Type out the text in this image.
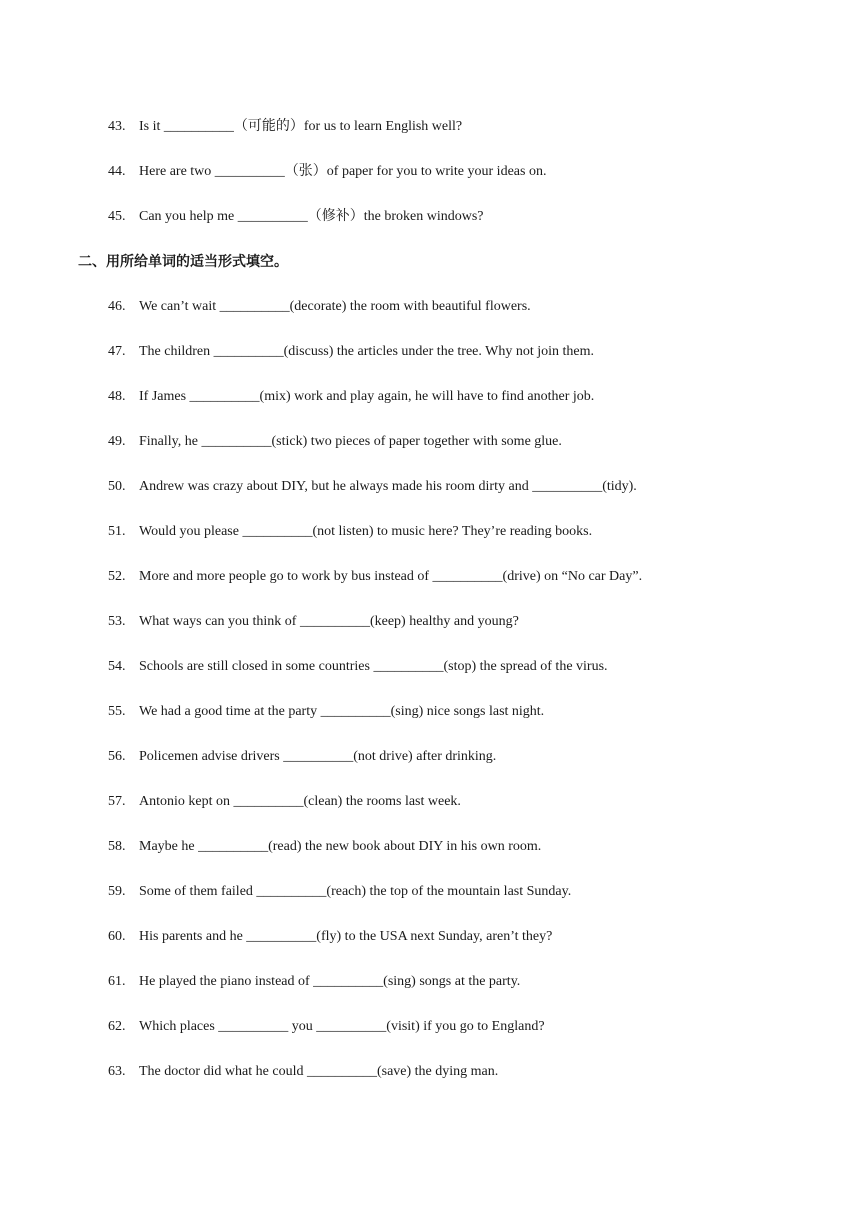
43. Is it __________（可能的）for us to learn English well?
44. Here are two __________（张）of paper for you to write your ideas on.
45. Can you help me __________（修补）the broken windows?
二、用所给单词的适当形式填空。
46. We can’t wait __________(decorate) the room with beautiful flowers.
47. The children __________(discuss) the articles under the tree. Why not join them.
48. If James __________(mix) work and play again, he will have to find another job.
49. Finally, he __________(stick) two pieces of paper together with some glue.
50. Andrew was crazy about DIY, but he always made his room dirty and __________(tidy).
51. Would you please __________(not listen) to music here? They’re reading books.
52. More and more people go to work by bus instead of __________(drive) on “No car Day”.
53. What ways can you think of __________(keep) healthy and young?
54. Schools are still closed in some countries __________(stop) the spread of the virus.
55. We had a good time at the party __________(sing) nice songs last night.
56. Policemen advise drivers __________(not drive) after drinking.
57. Antonio kept on __________(clean) the rooms last week.
58. Maybe he __________(read) the new book about DIY in his own room.
59. Some of them failed __________(reach) the top of the mountain last Sunday.
60. His parents and he __________(fly) to the USA next Sunday, aren’t they?
61. He played the piano instead of __________(sing) songs at the party.
62. Which places __________ you __________(visit) if you go to England?
63. The doctor did what he could __________(save) the dying man.
